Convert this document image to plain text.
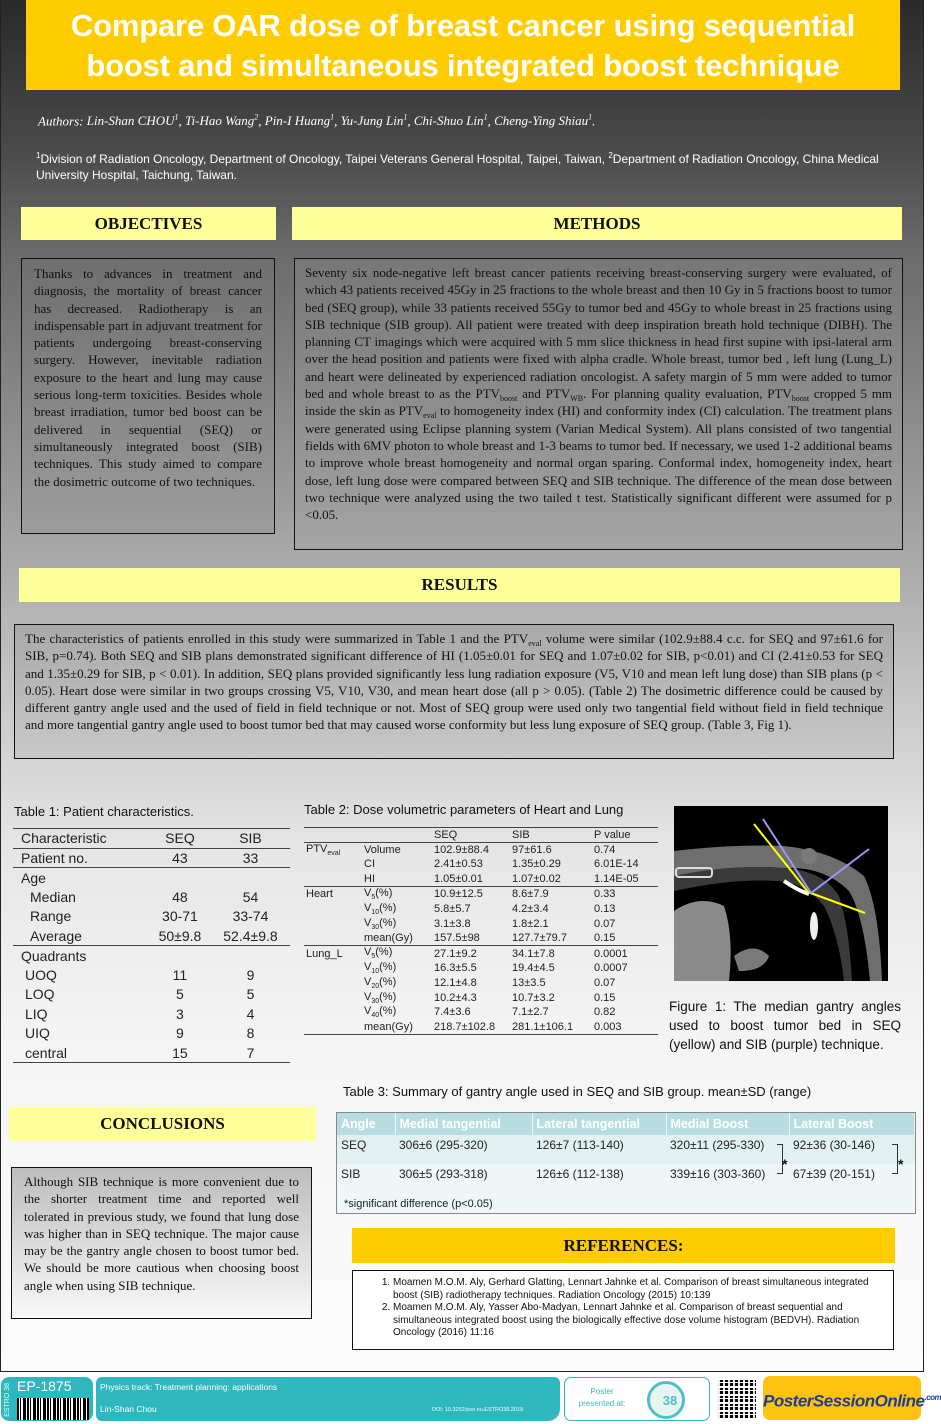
Compare OAR dose of breast cancer using sequential boost and simultaneous integrated boost technique
Authors: Lin-Shan CHOU$^1$, Ti-Hao Wang$^2$, Pin-I Huang$^1$, Yu-Jung Lin$^1$, Chi-Shuo Lin$^1$, Cheng-Ying Shiau$^1$.
$^1$Division of Radiation Oncology, Department of Oncology, Taipei Veterans General Hospital, Taipei, Taiwan, $^2$Department of Radiation Oncology, China Medical University Hospital, Taichung, Taiwan.
OBJECTIVES
Thanks to advances in treatment and diagnosis, the mortality of breast cancer has decreased. Radiotherapy is an indispensable part in adjuvant treatment for patients undergoing breast-conserving surgery. However, inevitable radiation exposure to the heart and lung may cause serious long-term toxicities. Besides whole breast irradiation, tumor bed boost can be delivered in sequential (SEQ) or simultaneously integrated boost (SIB) techniques. This study aimed to compare the dosimetric outcome of two techniques.
METHODS
Seventy six node-negative left breast cancer patients receiving breast-conserving surgery were evaluated, of which 43 patients received 45Gy in 25 fractions to the whole breast and then 10 Gy in 5 fractions boost to tumor bed (SEQ group), while 33 patients received 55Gy to tumor bed and 45Gy to whole breast in 25 fractions using SIB technique (SIB group). All patient were treated with deep inspiration breath hold technique (DIBH). The planning CT imagings which were acquired with 5 mm slice thickness in head first supine with ipsi-lateral arm over the head position and patients were fixed with alpha cradle. Whole breast, tumor bed , left lung (Lung_L) and heart were delineated by experienced radiation oncologist. A safety margin of 5 mm were added to tumor bed and whole breast to as the $PTV_{boost}$ and $PTV_{WB}$. For planning quality evaluation, $PTV_{boost}$ cropped 5 mm inside the skin as $PTV_{eval}$ to homogeneity index (HI) and conformity index (CI) calculation. The treatment plans were generated using Eclipse planning system (Varian Medical System). All plans consisted of two tangential fields with 6MV photon to whole breast and 1-3 beams to tumor bed. If necessary, we used 1-2 additional beams to improve whole breast homogeneity and normal organ sparing. Conformal index, homogeneity index, heart dose, left lung dose were compared between SEQ and SIB technique. The difference of the mean dose between two technique were analyzed using the two tailed t test. Statistically significant different were assumed for p <0.05.
RESULTS
The characteristics of patients enrolled in this study were summarized in Table 1 and the $PTV_{eval}$ volume were similar (102.9±88.4 c.c. for SEQ and 97±61.6 for SIB, p=0.74). Both SEQ and SIB plans demonstrated significant difference of HI (1.05±0.01 for SEQ and 1.07±0.02 for SIB, p<0.01) and CI (2.41±0.53 for SEQ and 1.35±0.29 for SIB, p < 0.01). In addition, SEQ plans provided significantly less lung radiation exposure (V5, V10 and mean left lung dose) than SIB plans (p < 0.05). Heart dose were similar in two groups crossing V5, V10, V30, and mean heart dose (all p > 0.05). (Table 2) The dosimetric difference could be caused by different gantry angle used and the used of field in field technique or not. Most of SEQ group were used only two tangential field without field in field technique and more tangential gantry angle used to boost tumor bed that may caused worse conformity but less lung exposure of SEQ group. (Table 3, Fig 1).
Table 1: Patient characteristics.
Characteristic	SEQ	SIB
Patient no.	43	33
Age		
Median	48	54
Range	30-71	33-74
Average	50±9.8	52.4±9.8
Quadrants		
UOQ	11	9
LOQ	5	5
LIQ	3	4
UIQ	9	8
central	15	7
Table 2: Dose volumetric parameters of Heart and Lung
		SEQ	SIB	P value
$PTV_{eval}$	Volume	102.9±88.4	97±61.6	0.74
	CI	2.41±0.53	1.35±0.29	6.01E-14
	HI	1.05±0.01	1.07±0.02	1.14E-05
Heart	$V_5(\%)$	10.9±12.5	8.6±7.9	0.33
	$V_{10}(\%)$	5.8±5.7	4.2±3.4	0.13
	$V_{30}(\%)$	3.1±3.8	1.8±2.1	0.07
	mean(Gy)	157.5±98	127.7±79.7	0.15
Lung_L	$V_5(\%)$	27.1±9.2	34.1±7.8	0.0001
	$V_{10}(\%)$	16.3±5.5	19.4±4.5	0.0007
	$V_{20}(\%)$	12.1±4.8	13±3.5	0.07
	$V_{30}(\%)$	10.2±4.3	10.7±3.2	0.15
	$V_{40}(\%)$	7.4±3.6	7.1±2.7	0.82
	mean(Gy)	218.7±102.8	281.1±106.1	0.003
Figure 1: The median gantry angles used to boost tumor bed in SEQ (yellow) and SIB (purple) technique.
CONCLUSIONS
Although SIB technique is more convenient due to the shorter treatment time and reported well tolerated in previous study, we found that lung dose was higher than in SEQ technique. The major cause may be the gantry angle chosen to boost tumor bed. We should be more cautious when choosing boost angle when using SIB technique.
Table 3: Summary of gantry angle used in SEQ and SIB group. mean±SD (range)
Angle	Medial tangential	Lateral tangential	Medial Boost	Lateral Boost
SEQ	306±6 (295-320)	126±7 (113-140)	320±11 (295-330)	92±36 (30-146)
SIB	306±5 (293-318)	126±6 (112-138)	339±16 (303-360)	67±39 (20-151)
*	*
*significant difference (p<0.05)
REFERENCES:
1. Moamen M.O.M. Aly, Gerhard Glatting, Lennart Jahnke et al. Comparison of breast simultaneous integrated boost (SIB) radiotherapy techniques. Radiation Oncology (2015) 10:139
2. Moamen M.O.M. Aly, Yasser Abo-Madyan, Lennart Jahnke et al. Comparison of breast sequential and simultaneous integrated boost using the biologically effective dose volume histogram (BEDVH). Radiation Oncology (2016) 11:16
ESTRO 38 EP-1875	Physics track: Treatment planning: applications
Lin-Shan Chou	DOI: 10.3252/pso.eu.ESTRO38.2019
Poster presented at:	38	PosterSessionOnline$^{.com}$
